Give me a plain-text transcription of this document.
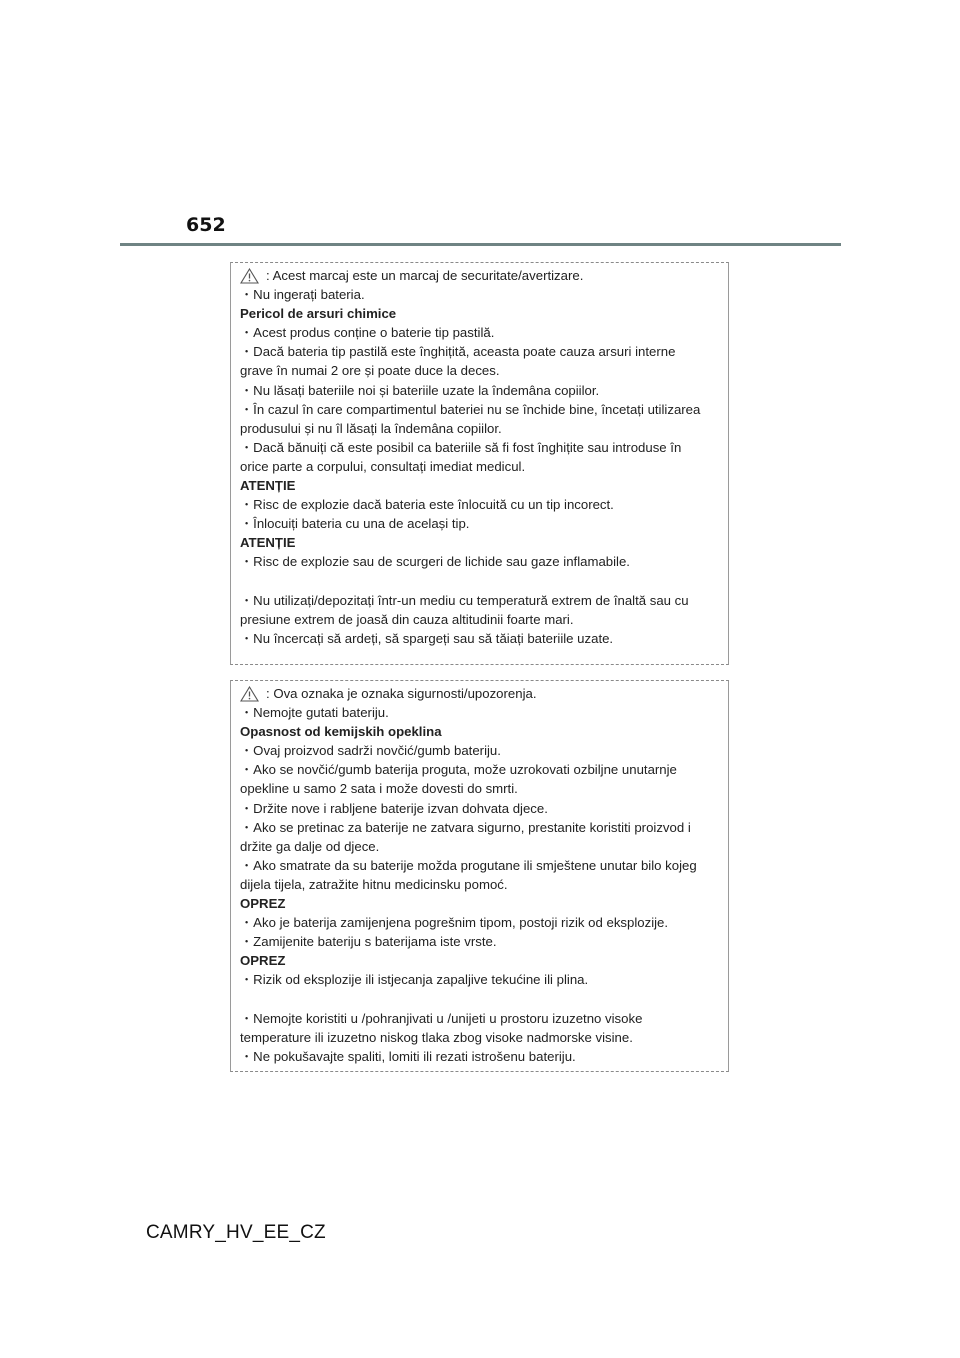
652
: Acest marcaj este un marcaj de securitate/avertizare.
・Nu ingerați bateria.
Pericol de arsuri chimice
・Acest produs conține o baterie tip pastilă.
・Dacă bateria tip pastilă este înghițită, aceasta poate cauza arsuri interne
grave în numai 2 ore și poate duce la deces.
・Nu lăsați bateriile noi și bateriile uzate la îndemâna copiilor.
・În cazul în care compartimentul bateriei nu se închide bine, încetați utilizarea
produsului și nu îl lăsați la îndemâna copiilor.
・Dacă bănuiți că este posibil ca bateriile să fi fost înghițite sau introduse în
orice parte a corpului, consultați imediat medicul.
ATENȚIE
・Risc de explozie dacă bateria este înlocuită cu un tip incorect.
・Înlocuiți bateria cu una de același tip.
ATENȚIE
・Risc de explozie sau de scurgeri de lichide sau gaze inflamabile.
・Nu utilizați/depozitați într-un mediu cu temperatură extrem de înaltă sau cu
presiune extrem de joasă din cauza altitudinii foarte mari.
・Nu încercați să ardeți, să spargeți sau să tăiați bateriile uzate.
: Ova oznaka je oznaka sigurnosti/upozorenja.
・Nemojte gutati bateriju.
Opasnost od kemijskih opeklina
・Ovaj proizvod sadrži novčić/gumb bateriju.
・Ako se novčić/gumb baterija proguta, može uzrokovati ozbiljne unutarnje
opekline u samo 2 sata i može dovesti do smrti.
・Držite nove i rabljene baterije izvan dohvata djece.
・Ako se pretinac za baterije ne zatvara sigurno, prestanite koristiti proizvod i
držite ga dalje od djece.
・Ako smatrate da su baterije možda progutane ili smještene unutar bilo kojeg
dijela tijela, zatražite hitnu medicinsku pomoć.
OPREZ
・Ako je baterija zamijenjena pogrešnim tipom, postoji rizik od eksplozije.
・Zamijenite bateriju s baterijama iste vrste.
OPREZ
・Rizik od eksplozije ili istjecanja zapaljive tekućine ili plina.
・Nemojte koristiti u /pohranjivati u /unijeti u prostoru izuzetno visoke
temperature ili izuzetno niskog tlaka zbog visoke nadmorske visine.
・Ne pokušavajte spaliti, lomiti ili rezati istrošenu bateriju.
CAMRY_HV_EE_CZ
